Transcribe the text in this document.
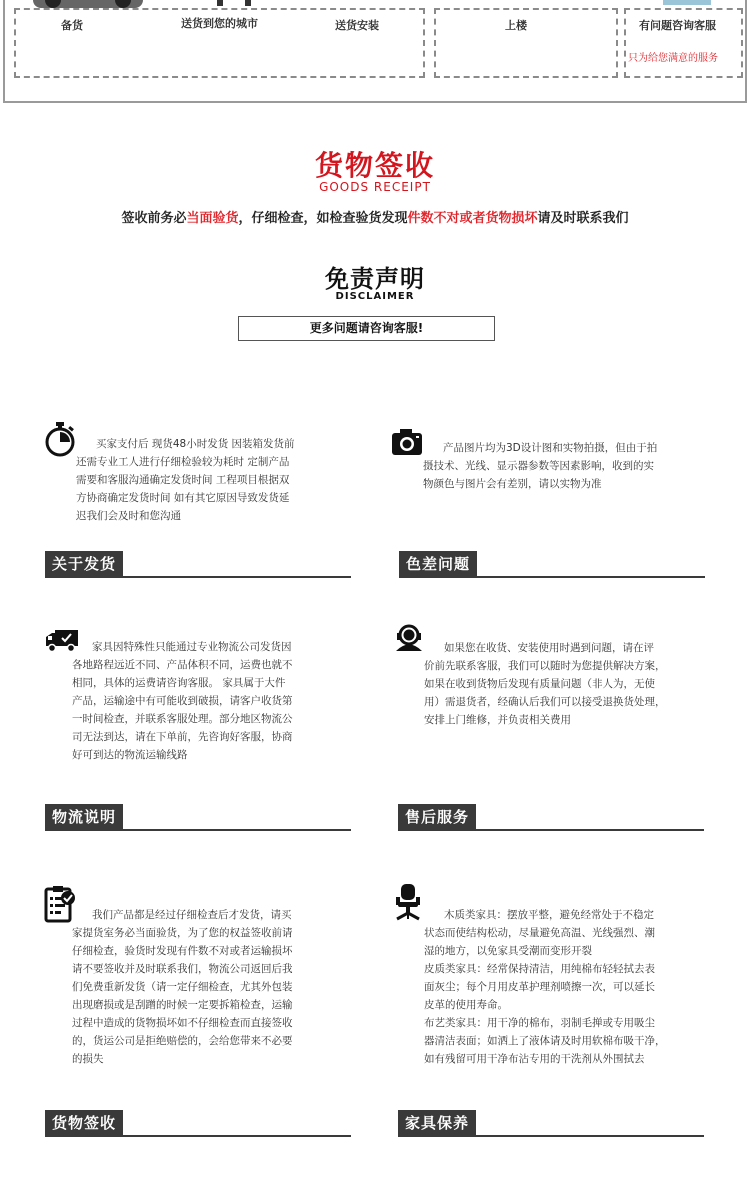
备货	送货到您的城市	送货安装	上楼	有问题咨询客服
只为给您满意的服务
货物签收
GOODS RECEIPT
签收前务必当面验货，仔细检查，如检查验货发现件数不对或者货物损坏请及时联系我们
免责声明
DISCLAIMER
更多问题请咨询客服!

买家支付后 现货48小时发货 因装箱发货前

还需专业工人进行仔细检验较为耗时 定制产品

需要和客服沟通确定发货时间 工程项目根据双

方协商确定发货时间 如有其它原因导致发货延

迟我们会及时和您沟通

关于发货

产品图片均为3D设计图和实物拍摄，但由于拍

摄技术、光线、显示器参数等因素影响，收到的实

物颜色与图片会有差别，请以实物为准

色差问题

家具因特殊性只能通过专业物流公司发货因

各地路程远近不同、产品体积不同，运费也就不

相同，具体的运费请咨询客服。 家具属于大件

产品，运输途中有可能收到破损，请客户收货第

一时间检查，并联系客服处理。部分地区物流公

司无法到达，请在下单前，先咨询好客服，协商

好可到达的物流运输线路

物流说明

如果您在收货、安装使用时遇到问题，请在评

价前先联系客服，我们可以随时为您提供解决方案，

如果在收到货物后发现有质量问题（非人为，无使

用）需退货者，经确认后我们可以接受退换货处理，

安排上门维修，并负责相关费用

售后服务

我们产品都是经过仔细检查后才发货，请买

家提货室务必当面验货，为了您的权益签收前请

仔细检查，验货时发现有件数不对或者运输损坏

请不要签收并及时联系我们，物流公司返回后我

们免费重新发货（请一定仔细检查，尤其外包装

出现磨损或是刮蹭的时候一定要拆箱检查，运输

过程中造成的货物损坏如不仔细检查而直接签收

的，货运公司是拒绝赔偿的，会给您带来不必要

的损失

货物签收

木质类家具：摆放平整，避免经常处于不稳定

状态而使结构松动，尽量避免高温、光线强烈、潮

湿的地方，以免家具受潮而变形开裂

皮质类家具：经常保持清洁，用纯棉布轻轻拭去表

面灰尘；每个月用皮革护理剂喷擦一次，可以延长

皮革的使用寿命。

布艺类家具：用干净的棉布，羽制毛掸或专用吸尘

器清洁表面；如洒上了液体请及时用软棉布吸干净，

如有残留可用干净布沾专用的干洗剂从外围拭去

家具保养
